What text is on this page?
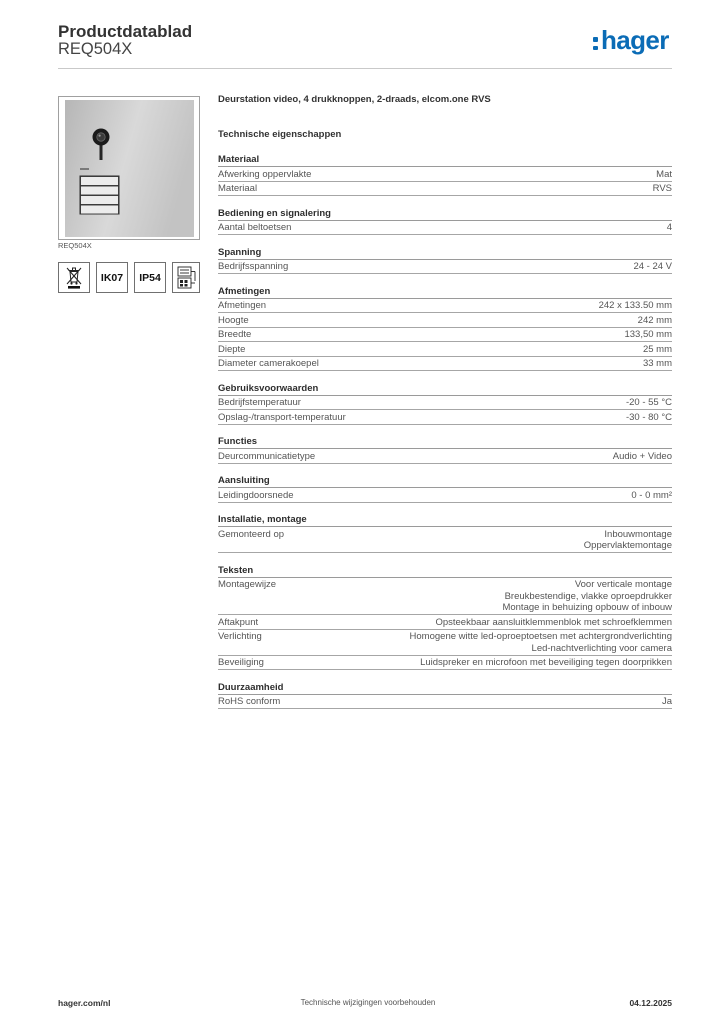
Productdatablad
REQ504X	hager
REQ504X
IK07	IP54
Deurstation video, 4 drukknoppen, 2-draads, elcom.one RVS
Technische eigenschappen
Materiaal
Afwerking oppervlakte	Mat
Materiaal	RVS
Bediening en signalering
Aantal beltoetsen	4
Spanning
Bedrijfsspanning	24 - 24 V
Afmetingen
Afmetingen	242 x 133.50 mm
Hoogte	242 mm
Breedte	133,50 mm
Diepte	25 mm
Diameter camerakoepel	33 mm
Gebruiksvoorwaarden
Bedrijfstemperatuur	-20 - 55 °C
Opslag-/transport-temperatuur	-30 - 80 °C
Functies
Deurcommunicatietype	Audio + Video
Aansluiting
Leidingdoorsnede	0 - 0 mm²
Installatie, montage
Gemonteerd op	Inbouwmontage
Oppervlaktemontage
Teksten
Montagewijze	Voor verticale montage
Breukbestendige, vlakke oproepdrukker
Montage in behuizing opbouw of inbouw
Aftakpunt	Opsteekbaar aansluitklemmenblok met schroefklemmen
Verlichting	Homogene witte led-oproeptoetsen met achtergrondverlichting
Led-nachtverlichting voor camera
Beveiliging	Luidspreker en microfoon met beveiliging tegen doorprikken
Duurzaamheid
RoHS conform	Ja
hager.com/nl	Technische wijzigingen voorbehouden	04.12.2025
